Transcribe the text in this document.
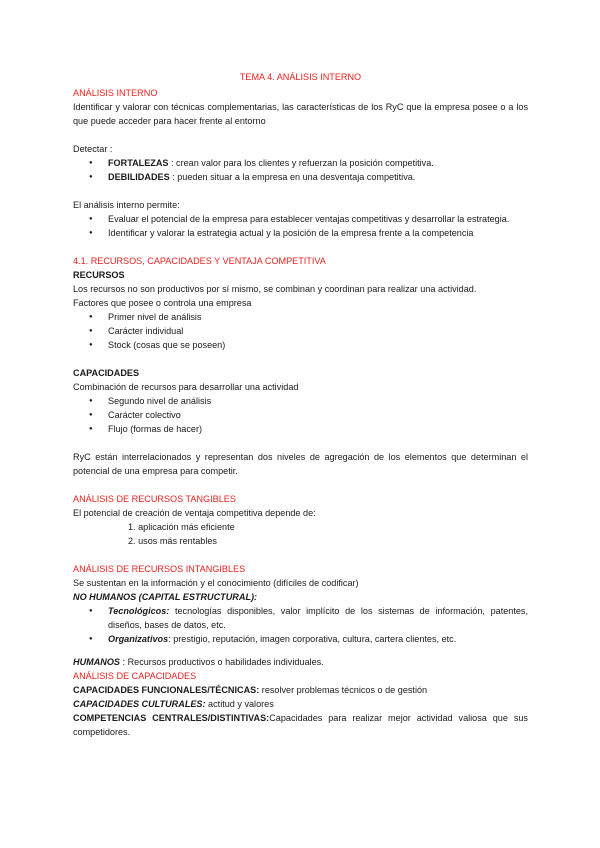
TEMA 4. ANÁLISIS INTERNO

ANÁLISIS INTERNO

Identificar y valorar con técnicas complementarias, las características de los RyC que la empresa posee o a los que puede acceder para hacer frente al entorno

Detectar :

● FORTALEZAS : crean valor para los clientes y refuerzan la posición competitiva.
● DEBILIDADES : pueden situar a la empresa en una desventaja competitiva.

El análisis interno permite:

● Evaluar el potencial de la empresa para establecer ventajas competitivas y desarrollar la estrategia.
● Identificar y valorar la estrategia actual y la posición de la empresa frente a la competencia

4.1. RECURSOS, CAPACIDADES Y VENTAJA COMPETITIVA

RECURSOS

Los recursos no son productivos por sí mismo, se combinan y coordinan para realizar una actividad.

Factores que posee o controla una empresa

● Primer nivel de análisis
● Carácter individual
● Stock (cosas que se poseen)

CAPACIDADES

Combinación de recursos para desarrollar una actividad

● Segundo nivel de análisis
● Carácter colectivo
● Flujo (formas de hacer)

RyC están interrelacionados y representan dos niveles de agregación de los elementos que determinan el potencial de una empresa para competir.

ANÁLISIS DE RECURSOS TANGIBLES

El potencial de creación de ventaja competitiva depende de:

1. aplicación más eficiente
2. usos más rentables

ANÁLISIS DE RECURSOS INTANGIBLES

Se sustentan en la información y el conocimiento (difíciles de codificar)

NO HUMANOS (CAPITAL ESTRUCTURAL):

● Tecnológicos: tecnologías disponibles, valor implícito de los sistemas de información, patentes, diseños, bases de datos, etc.
● Organizativos: prestigio, reputación, imagen corporativa, cultura, cartera clientes, etc.

HUMANOS : Recursos productivos o habilidades individuales.

ANÁLISIS DE CAPACIDADES

CAPACIDADES FUNCIONALES/TÉCNICAS: resolver problemas técnicos o de gestión

CAPACIDADES CULTURALES: actitud y valores

COMPETENCIAS CENTRALES/DISTINTIVAS:Capacidades para realizar mejor actividad valiosa que sus competidores.
